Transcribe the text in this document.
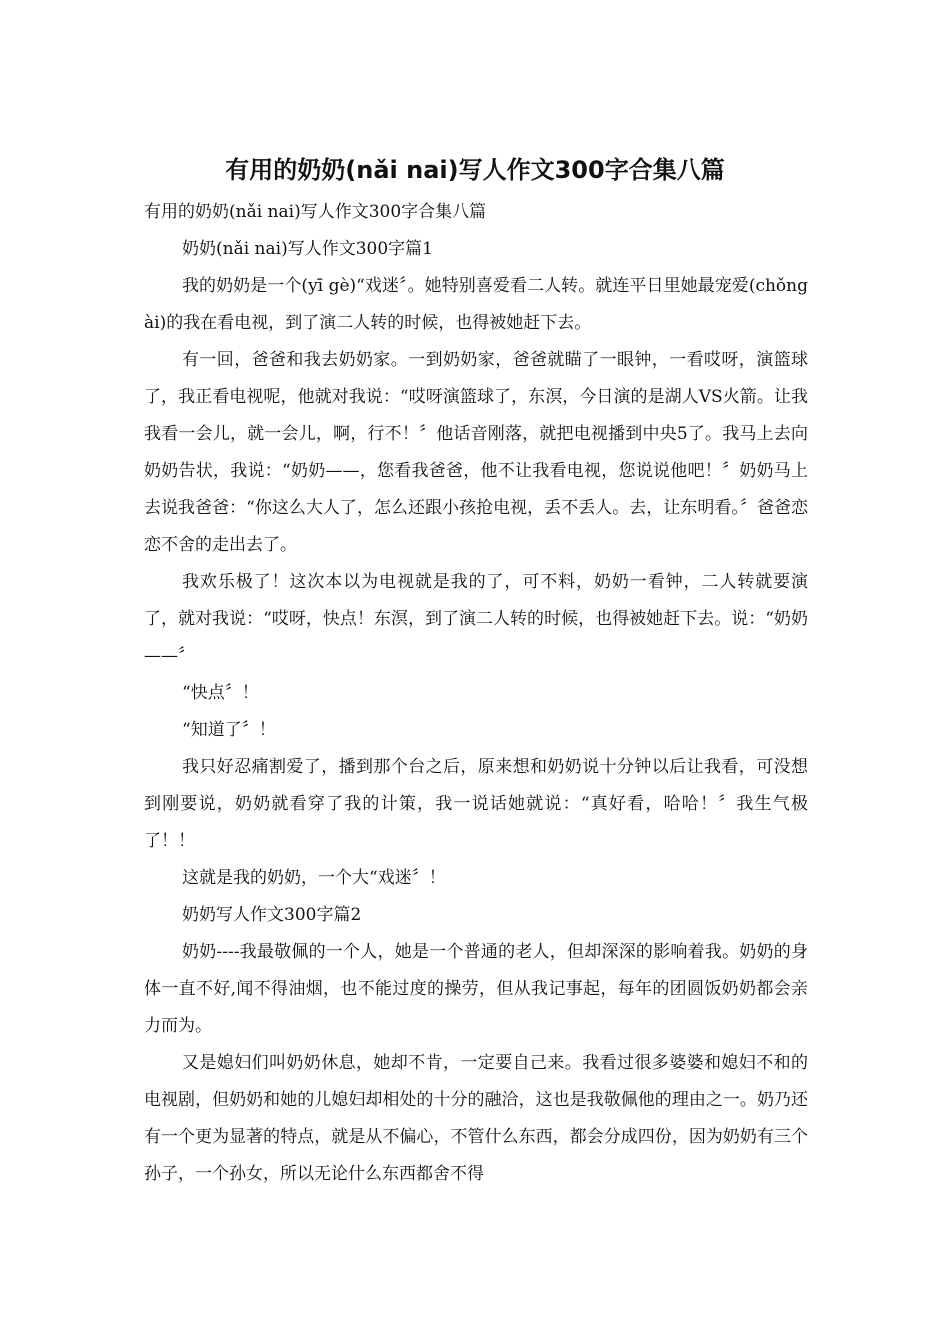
有用的奶奶(nǎi nai)写人作文300字合集八篇

有用的奶奶(nǎi nai)写人作文300字合集八篇

奶奶(nǎi nai)写人作文300字篇1

我的奶奶是一个(yī gè)“戏迷〞。她特别喜爱看二人转。就连平日里她最宠爱(chǒng ài)的我在看电视，到了演二人转的时候，也得被她赶下去。

有一回，爸爸和我去奶奶家。一到奶奶家，爸爸就瞄了一眼钟，一看哎呀，演篮球了，我正看电视呢，他就对我说：“哎呀演篮球了，东溟，今日演的是湖人VS火箭。让我我看一会儿，就一会儿，啊，行不！〞他话音刚落，就把电视播到中央5了。我马上去向奶奶告状，我说：“奶奶——，您看我爸爸，他不让我看电视，您说说他吧！〞奶奶马上去说我爸爸：“你这么大人了，怎么还跟小孩抢电视，丢不丢人。去，让东明看。〞爸爸恋恋不舍的走出去了。

我欢乐极了！这次本以为电视就是我的了，可不料，奶奶一看钟，二人转就要演了，就对我说：“哎呀，快点！东溟，到了演二人转的时候，也得被她赶下去。说：“奶奶——〞

“快点〞！

“知道了〞！

我只好忍痛割爱了，播到那个台之后，原来想和奶奶说十分钟以后让我看，可没想到刚要说，奶奶就看穿了我的计策，我一说话她就说：“真好看，哈哈！〞我生气极了！！

这就是我的奶奶，一个大“戏迷〞！

奶奶写人作文300字篇2

奶奶----我最敬佩的一个人，她是一个普通的老人，但却深深的影响着我。奶奶的身体一直不好,闻不得油烟，也不能过度的操劳，但从我记事起，每年的团圆饭奶奶都会亲力而为。

又是媳妇们叫奶奶休息，她却不肯，一定要自己来。我看过很多婆婆和媳妇不和的电视剧，但奶奶和她的儿媳妇却相处的十分的融洽，这也是我敬佩他的理由之一。奶乃还有一个更为显著的特点，就是从不偏心，不管什么东西，都会分成四份，因为奶奶有三个孙子，一个孙女，所以无论什么东西都舍不得
